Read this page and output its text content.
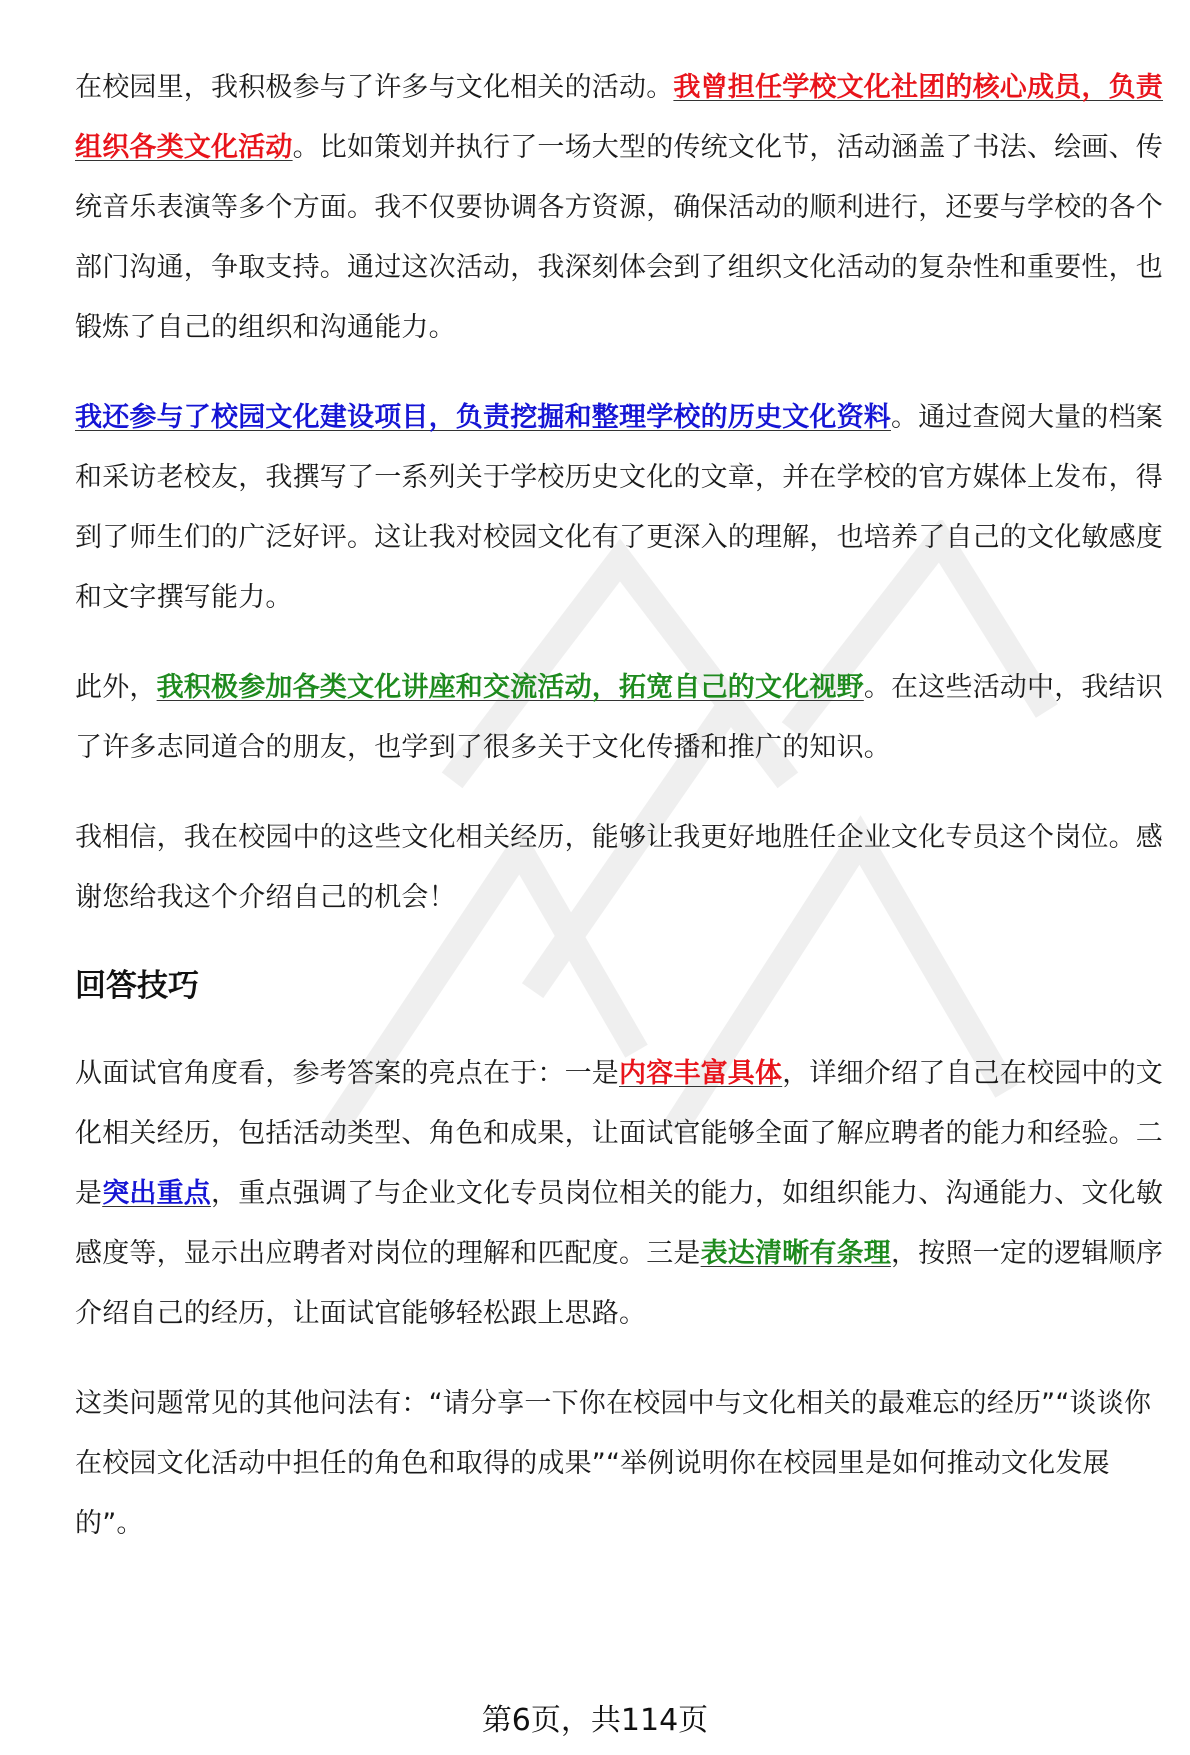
在校园里，我积极参与了许多与文化相关的活动。我曾担任学校文化社团的核心成员，负责组织各类文化活动。比如策划并执行了一场大型的传统文化节，活动涵盖了书法、绘画、传统音乐表演等多个方面。我不仅要协调各方资源，确保活动的顺利进行，还要与学校的各个部门沟通，争取支持。通过这次活动，我深刻体会到了组织文化活动的复杂性和重要性，也锻炼了自己的组织和沟通能力。

我还参与了校园文化建设项目，负责挖掘和整理学校的历史文化资料。通过查阅大量的档案和采访老校友，我撰写了一系列关于学校历史文化的文章，并在学校的官方媒体上发布，得到了师生们的广泛好评。这让我对校园文化有了更深入的理解，也培养了自己的文化敏感度和文字撰写能力。

此外，我积极参加各类文化讲座和交流活动，拓宽自己的文化视野。在这些活动中，我结识了许多志同道合的朋友，也学到了很多关于文化传播和推广的知识。

我相信，我在校园中的这些文化相关经历，能够让我更好地胜任企业文化专员这个岗位。感谢您给我这个介绍自己的机会！

回答技巧

从面试官角度看，参考答案的亮点在于：一是内容丰富具体，详细介绍了自己在校园中的文化相关经历，包括活动类型、角色和成果，让面试官能够全面了解应聘者的能力和经验。二是突出重点，重点强调了与企业文化专员岗位相关的能力，如组织能力、沟通能力、文化敏感度等，显示出应聘者对岗位的理解和匹配度。三是表达清晰有条理，按照一定的逻辑顺序介绍自己的经历，让面试官能够轻松跟上思路。

这类问题常见的其他问法有：“请分享一下你在校园中与文化相关的最难忘的经历”“谈谈你在校园文化活动中担任的角色和取得的成果”“举例说明你在校园里是如何推动文化发展的”。

第6页，共114页
